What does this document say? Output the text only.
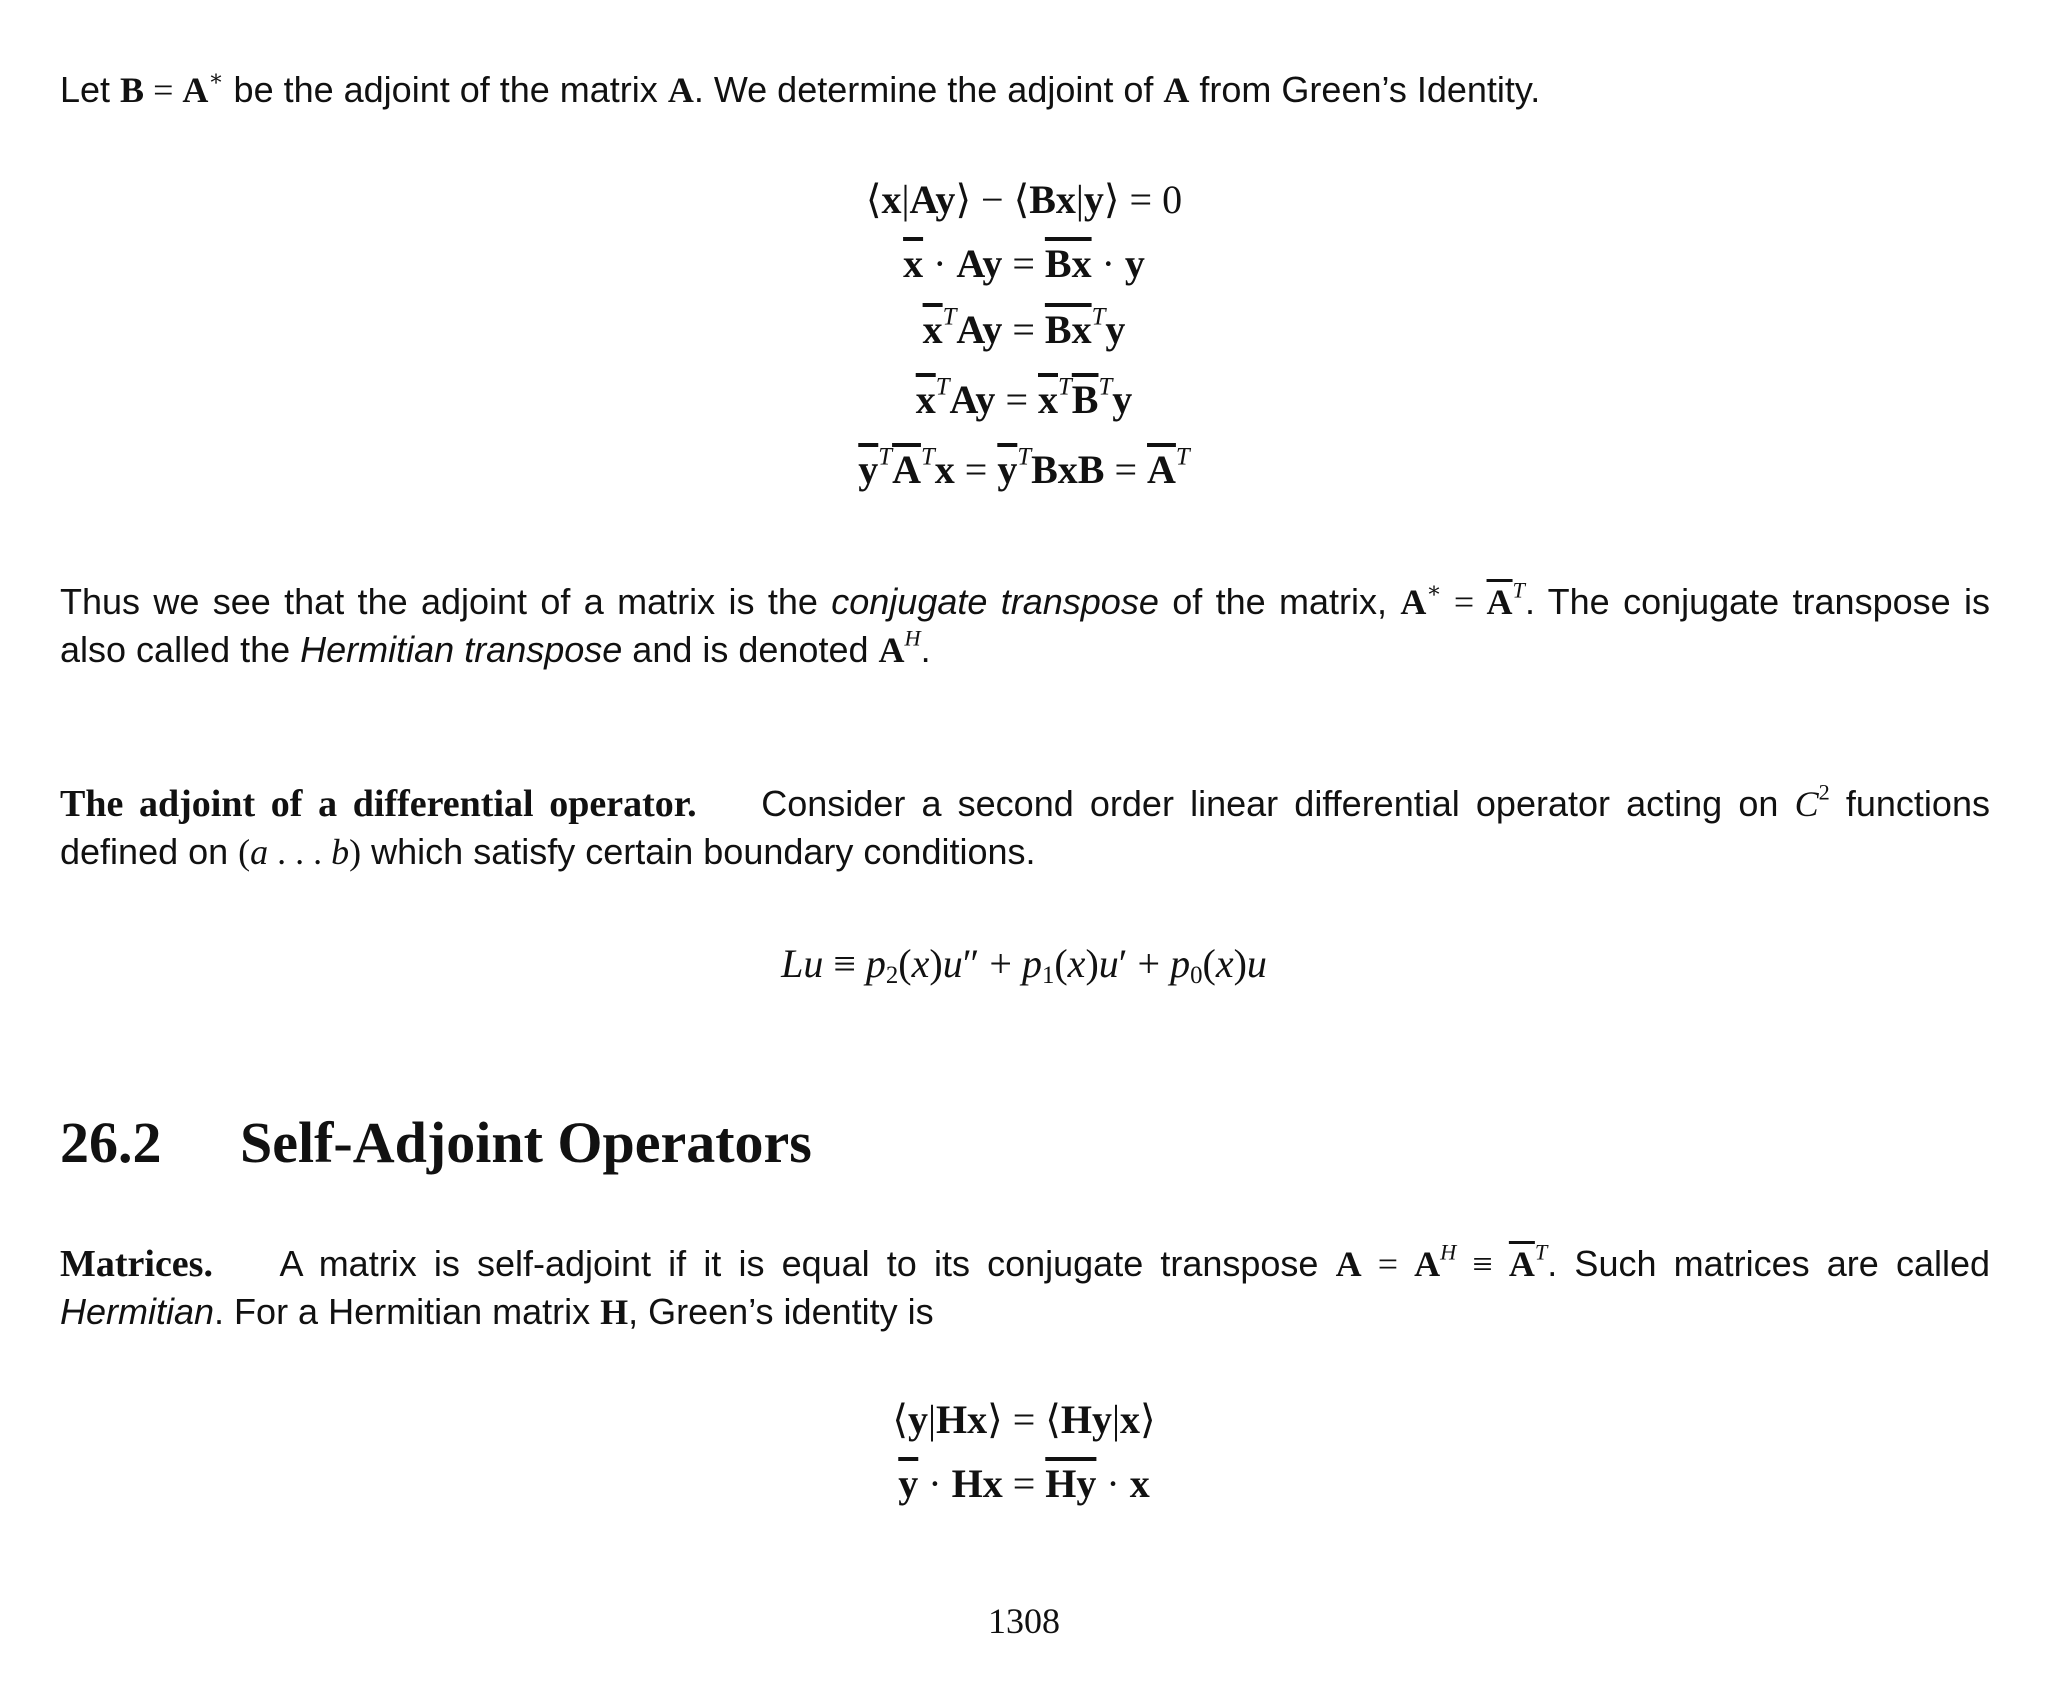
Let B = A∗ be the adjoint of the matrix A. We determine the adjoint of A from Green’s Identity.
⟨x|Ay⟩ − ⟨Bx|y⟩ = 0
$\overline{x} \cdot Ay = \overline{Bx} \cdot y$
$\overline{x}^TAy = \overline{Bx}^Ty$
$\overline{x}^TAy = \overline{x}^T\overline{B}^Ty$
$\overline{y}^T\overline{A}^Tx = \overline{y}^TBxB = \overline{A}^T$
Thus we see that the adjoint of a matrix is the conjugate transpose of the matrix, $A^∗ = \overline{A}^T$. The conjugate transpose is also called the Hermitian transpose and is denoted $A^H$.
The adjoint of a differential operator. Consider a second order linear differential operator acting on $C^2$ functions defined on (a . . . b) which satisfy certain boundary conditions.
$Lu \equiv p_2(x)u'' + p_1(x)u' + p_0(x)u$
26.2 Self-Adjoint Operators
Matrices. A matrix is self-adjoint if it is equal to its conjugate transpose $A = A^H \equiv \overline{A}^T$. Such matrices are called Hermitian. For a Hermitian matrix H, Green’s identity is
⟨y|Hx⟩ = ⟨Hy|x⟩
$\overline{y} \cdot Hx = \overline{Hy} \cdot x$
1308
